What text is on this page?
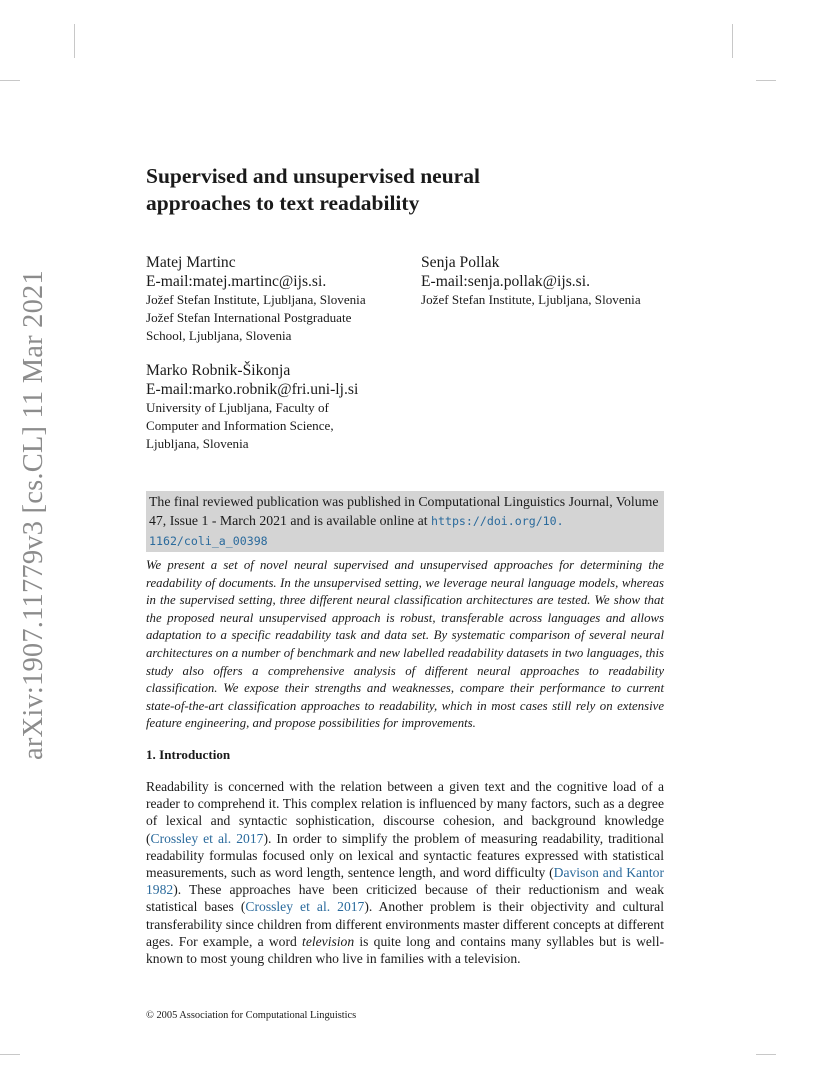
arXiv:1907.11779v3 [cs.CL] 11 Mar 2021
Supervised and unsupervised neural
approaches to text readability
Matej Martinc
E-mail:matej.martinc@ijs.si.
Jožef Stefan Institute, Ljubljana, Slovenia
Jožef Stefan International Postgraduate
School, Ljubljana, Slovenia
Senja Pollak
E-mail:senja.pollak@ijs.si.
Jožef Stefan Institute, Ljubljana, Slovenia
Marko Robnik-Šikonja
E-mail:marko.robnik@fri.uni-lj.si
University of Ljubljana, Faculty of
Computer and Information Science,
Ljubljana, Slovenia
The final reviewed publication was published in Computational Linguistics Journal, Volume 47, Issue 1 - March 2021 and is available online at https://doi.org/10.
1162/coli_a_00398
We present a set of novel neural supervised and unsupervised approaches for determining the readability of documents. In the unsupervised setting, we leverage neural language models, whereas in the supervised setting, three different neural classification architectures are tested. We show that the proposed neural unsupervised approach is robust, transferable across languages and allows adaptation to a specific readability task and data set. By systematic comparison of several neural architectures on a number of benchmark and new labelled readability datasets in two languages, this study also offers a comprehensive analysis of different neural approaches to readability classification. We expose their strengths and weaknesses, compare their performance to current state-of-the-art classification approaches to readability, which in most cases still rely on extensive feature engineering, and propose possibilities for improvements.
1. Introduction
Readability is concerned with the relation between a given text and the cognitive load of a reader to comprehend it. This complex relation is influenced by many factors, such as a degree of lexical and syntactic sophistication, discourse cohesion, and background knowledge (Crossley et al. 2017). In order to simplify the problem of measuring readability, traditional readability formulas focused only on lexical and syntactic features expressed with statistical measurements, such as word length, sentence length, and word difficulty (Davison and Kantor 1982). These approaches have been criticized because of their reductionism and weak statistical bases (Crossley et al. 2017). Another problem is their objectivity and cultural transferability since children from different environments master different concepts at different ages. For example, a word television is quite long and contains many syllables but is well-known to most young children who live in families with a television.
© 2005 Association for Computational Linguistics
